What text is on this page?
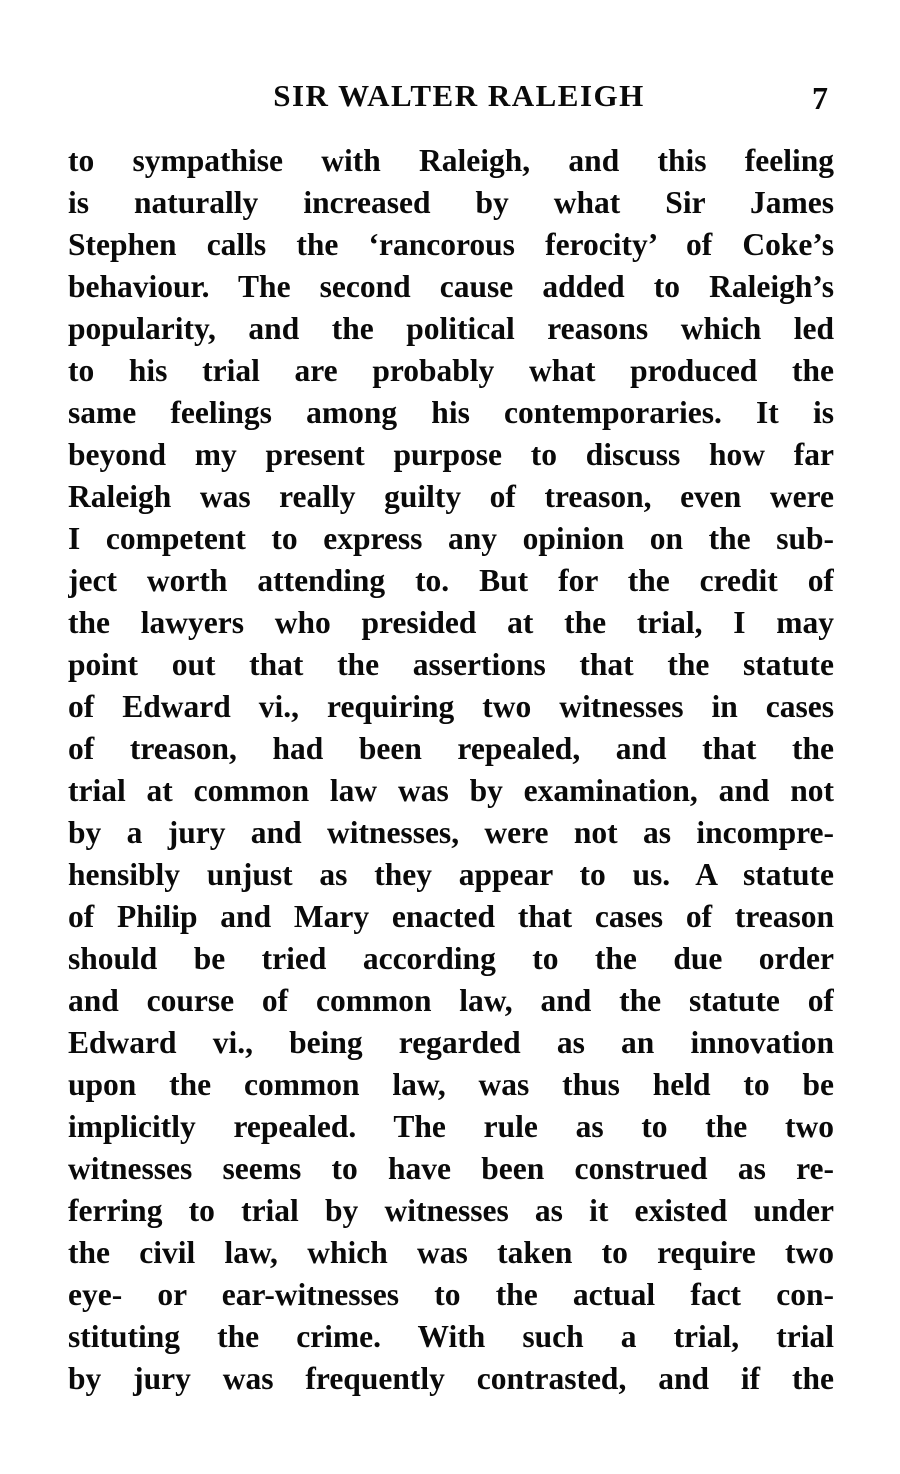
SIR WALTER RALEIGH	7
to sympathise with Raleigh, and this feeling
is naturally increased by what Sir James
Stephen calls the ‘rancorous ferocity’ of Coke’s
behaviour. The second cause added to Raleigh’s
popularity, and the political reasons which led
to his trial are probably what produced the
same feelings among his contemporaries. It is
beyond my present purpose to discuss how far
Raleigh was really guilty of treason, even were
I competent to express any opinion on the sub-
ject worth attending to. But for the credit of
the lawyers who presided at the trial, I may
point out that the assertions that the statute
of Edward vi., requiring two witnesses in cases
of treason, had been repealed, and that the
trial at common law was by examination, and not
by a jury and witnesses, were not as incompre-
hensibly unjust as they appear to us. A statute
of Philip and Mary enacted that cases of treason
should be tried according to the due order
and course of common law, and the statute of
Edward vi., being regarded as an innovation
upon the common law, was thus held to be
implicitly repealed. The rule as to the two
witnesses seems to have been construed as re-
ferring to trial by witnesses as it existed under
the civil law, which was taken to require two
eye- or ear-witnesses to the actual fact con-
stituting the crime. With such a trial, trial
by jury was frequently contrasted, and if the
